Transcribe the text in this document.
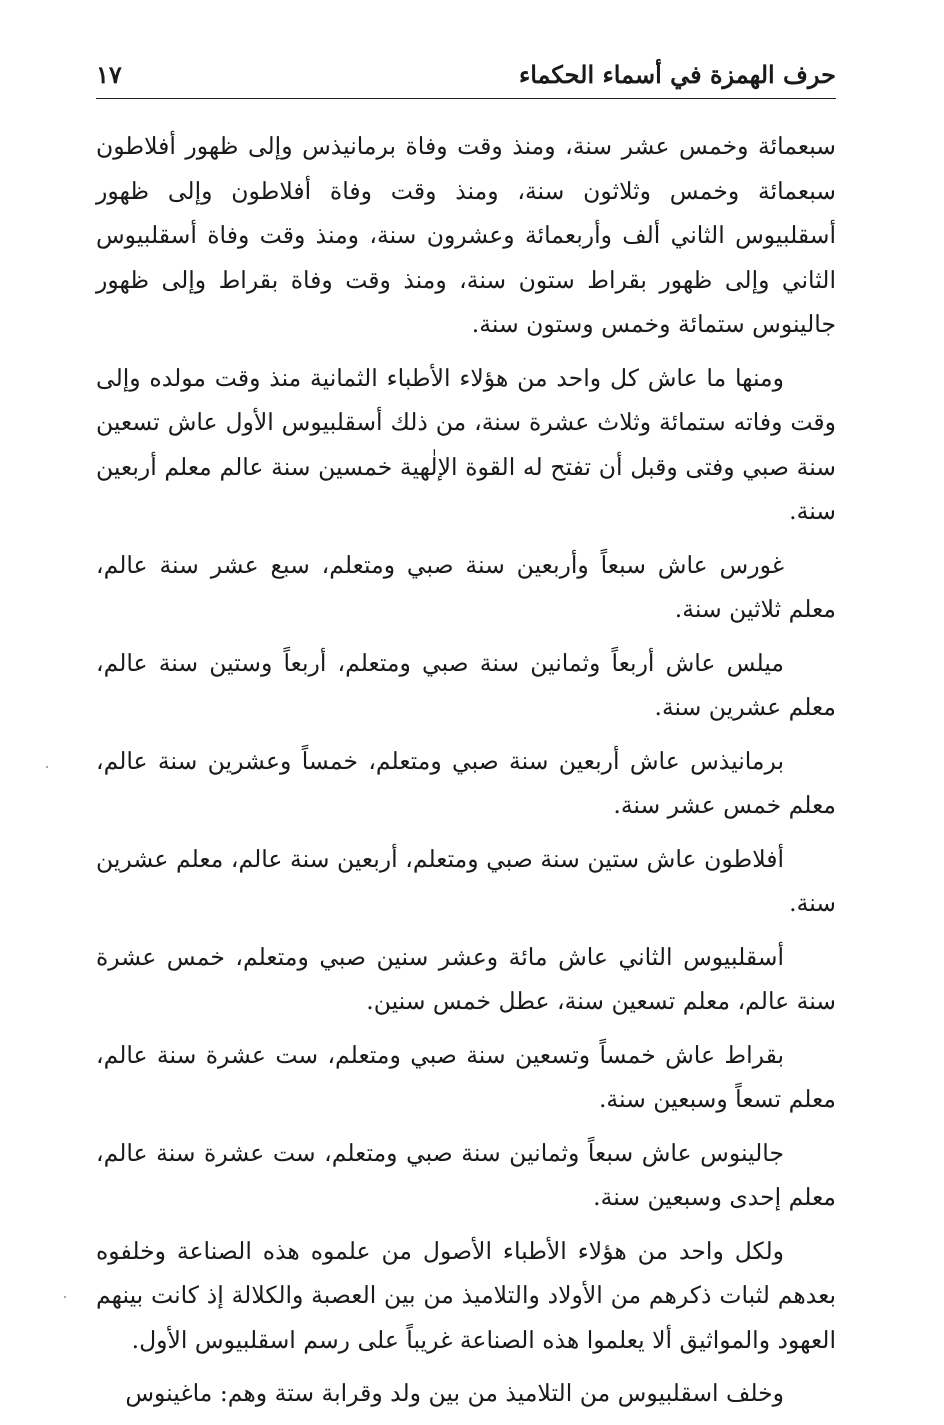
حرف الهمزة في أسماء الحكماء
١٧

سبعمائة وخمس عشر سنة، ومنذ وقت وفاة برمانيذس وإلى ظهور أفلاطون سبعمائة وخمس وثلاثون سنة، ومنذ وقت وفاة أفلاطون وإلى ظهور أسقلبيوس الثاني ألف وأربعمائة وعشرون سنة، ومنذ وقت وفاة أسقلبيوس الثاني وإلى ظهور بقراط ستون سنة، ومنذ وقت وفاة بقراط وإلى ظهور جالينوس ستمائة وخمس وستون سنة.

ومنها ما عاش كل واحد من هؤلاء الأطباء الثمانية منذ وقت مولده وإلى وقت وفاته ستمائة وثلاث عشرة سنة، من ذلك أسقلبيوس الأول عاش تسعين سنة صبي وفتى وقبل أن تفتح له القوة الإلٰهية خمسين سنة عالم معلم أربعين سنة.

غورس عاش سبعاً وأربعين سنة صبي ومتعلم، سبع عشر سنة عالم، معلم ثلاثين سنة.

ميلس عاش أربعاً وثمانين سنة صبي ومتعلم، أربعاً وستين سنة عالم، معلم عشرين سنة.

برمانيذس عاش أربعين سنة صبي ومتعلم، خمساً وعشرين سنة عالم، معلم خمس عشر سنة.

أفلاطون عاش ستين سنة صبي ومتعلم، أربعين سنة عالم، معلم عشرين سنة.

أسقلبيوس الثاني عاش مائة وعشر سنين صبي ومتعلم، خمس عشرة سنة عالم، معلم تسعين سنة، عطل خمس سنين.

بقراط عاش خمساً وتسعين سنة صبي ومتعلم، ست عشرة سنة عالم، معلم تسعاً وسبعين سنة.

جالينوس عاش سبعاً وثمانين سنة صبي ومتعلم، ست عشرة سنة عالم، معلم إحدى وسبعين سنة.

ولكل واحد من هؤلاء الأطباء الأصول من علموه هذه الصناعة وخلفوه بعدهم لثبات ذكرهم من الأولاد والتلاميذ من بين العصبة والكلالة إذ كانت بينهم العهود والمواثيق ألا يعلموا هذه الصناعة غريباً على رسم اسقلبيوس الأول.

وخلف اسقلبيوس من التلاميذ من بين ولد وقرابة ستة وهم: ماغينوس
